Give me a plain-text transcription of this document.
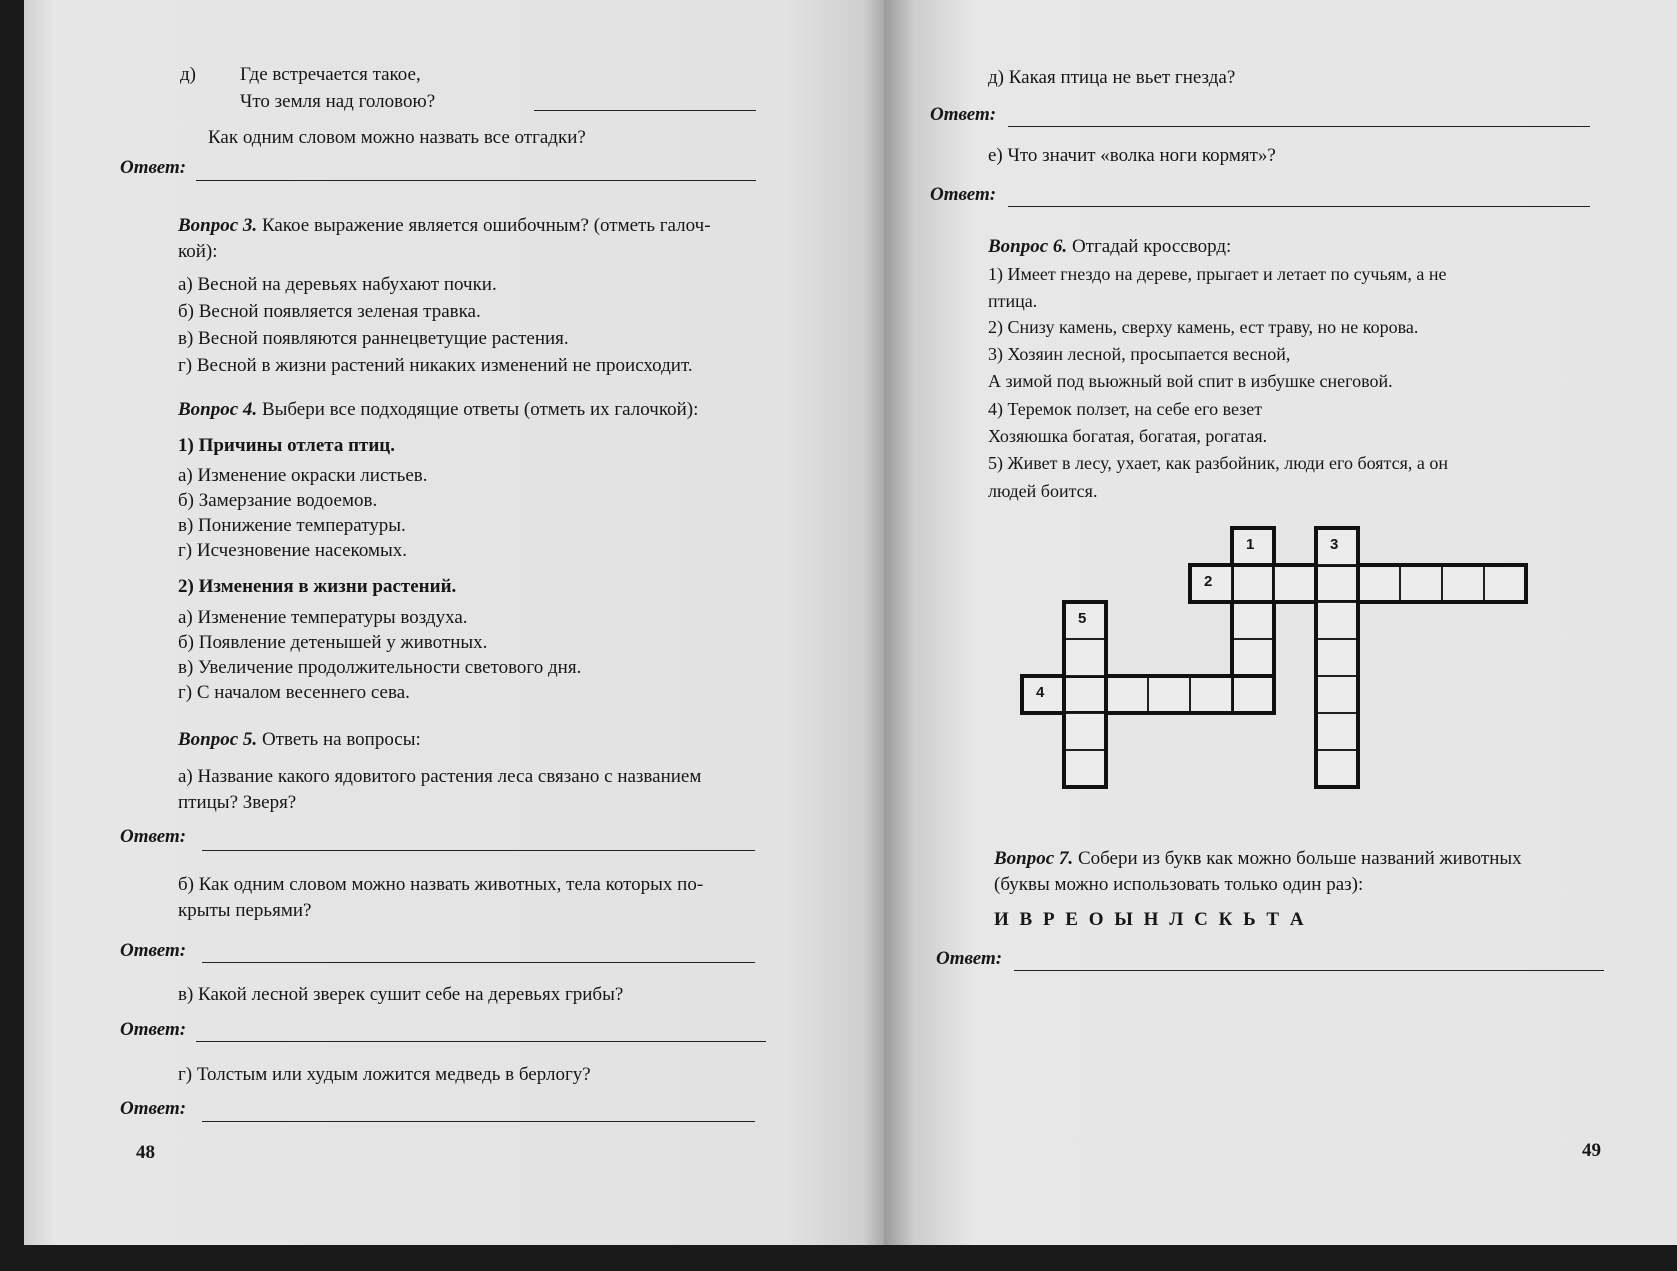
д) Где встречается такое,
Что земля над головою?
Как одним словом можно назвать все отгадки?
Ответ:
Вопрос 3. Какое выражение является ошибочным? (отметь галоч-
кой):
а) Весной на деревьях набухают почки.
б) Весной появляется зеленая травка.
в) Весной появляются раннецветущие растения.
г) Весной в жизни растений никаких изменений не происходит.
Вопрос 4. Выбери все подходящие ответы (отметь их галочкой):
1) Причины отлета птиц.
а) Изменение окраски листьев.
б) Замерзание водоемов.
в) Понижение температуры.
г) Исчезновение насекомых.
2) Изменения в жизни растений.
а) Изменение температуры воздуха.
б) Появление детенышей у животных.
в) Увеличение продолжительности светового дня.
г) С началом весеннего сева.
Вопрос 5. Ответь на вопросы:
а) Название какого ядовитого растения леса связано с названием
птицы? Зверя?
Ответ:
б) Как одним словом можно назвать животных, тела которых по-
крыты перьями?
Ответ:
в) Какой лесной зверек сушит себе на деревьях грибы?
Ответ:
г) Толстым или худым ложится медведь в берлогу?
Ответ:
48
д) Какая птица не вьет гнезда?
Ответ:
е) Что значит «волка ноги кормят»?
Ответ:
Вопрос 6. Отгадай кроссворд:
1) Имеет гнездо на дереве, прыгает и летает по сучьям, а не
птица.
2) Снизу камень, сверху камень, ест траву, но не корова.
3) Хозяин лесной, просыпается весной,
А зимой под вьюжный вой спит в избушке снеговой.
4) Теремок ползет, на себе его везет
Хозяюшка богатая, богатая, рогатая.
5) Живет в лесу, ухает, как разбойник, люди его боятся, а он
людей боится.
1
2
3
4
5
Вопрос 7. Собери из букв как можно больше названий животных
(буквы можно использовать только один раз):
И В Р Е О Ы Н Л С К Ь Т А
Ответ:
49
